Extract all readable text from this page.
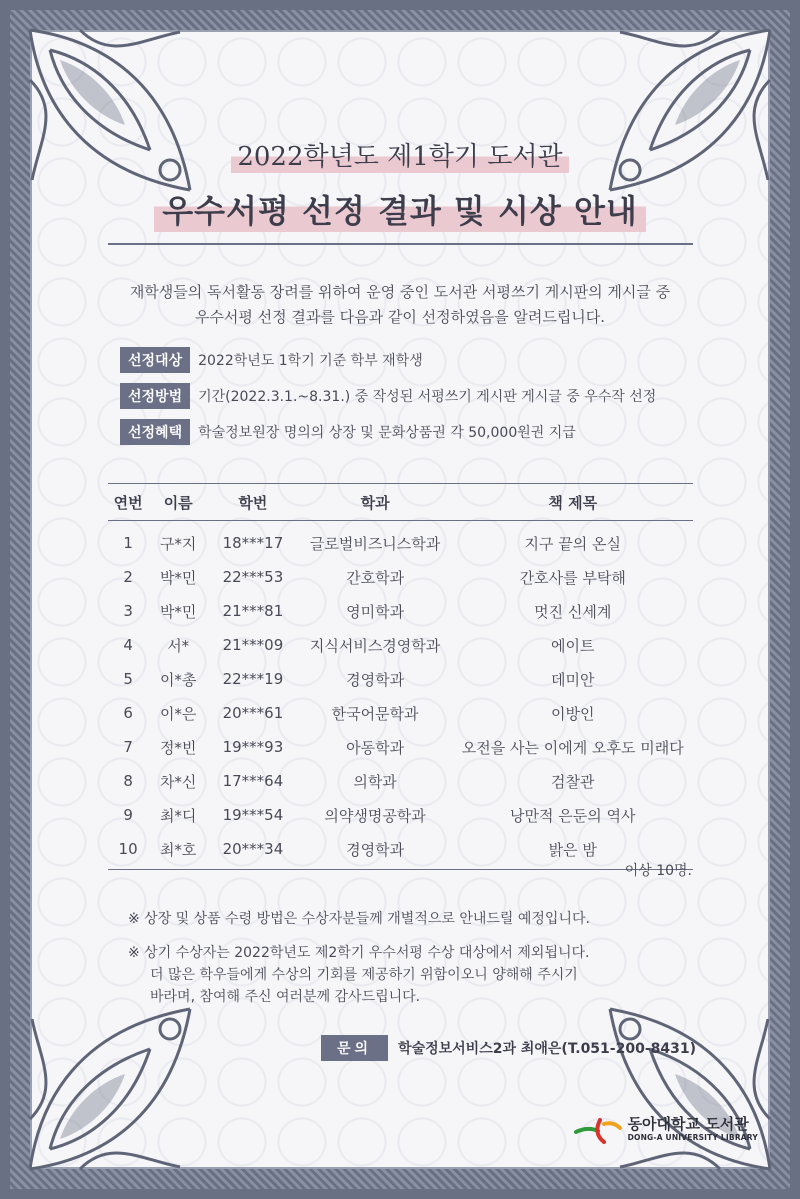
2022학년도 제1학기 도서관
우수서평 선정 결과 및 시상 안내
재학생들의 독서활동 장려를 위하여 운영 중인 도서관 서평쓰기 게시판의 게시글 중
우수서평 선정 결과를 다음과 같이 선정하였음을 알려드립니다.
선정대상	2022학년도 1학기 기준 학부 재학생
선정방법	기간(2022.3.1.~8.31.) 중 작성된 서평쓰기 게시판 게시글 중 우수작 선정
선정혜택	학술정보원장 명의의 상장 및 문화상품권 각 50,000원권 지급
연번	이름	학번	학과	책 제목
1	구*지	18***17	글로벌비즈니스학과	지구 끝의 온실
2	박*민	22***53	간호학과	간호사를 부탁해
3	박*민	21***81	영미학과	멋진 신세계
4	서*	21***09	지식서비스경영학과	에이트
5	이*총	22***19	경영학과	데미안
6	이*은	20***61	한국어문학과	이방인
7	정*빈	19***93	아동학과	오전을 사는 이에게 오후도 미래다
8	차*신	17***64	의학과	검찰관
9	최*디	19***54	의약생명공학과	낭만적 은둔의 역사
10	최*호	20***34	경영학과	밝은 밤
이상 10명.
※ 상장 및 상품 수령 방법은 수상자분들께 개별적으로 안내드릴 예정입니다.
※ 상기 수상자는 2022학년도 제2학기 우수서평 수상 대상에서 제외됩니다.
더 많은 학우들에게 수상의 기회를 제공하기 위함이오니 양해해 주시기
바라며, 참여해 주신 여러분께 감사드립니다.
문의	학술정보서비스2과 최애은(T.051-200-8431)
동아대학교 도서관
DONG-A UNIVERSITY LIBRARY
